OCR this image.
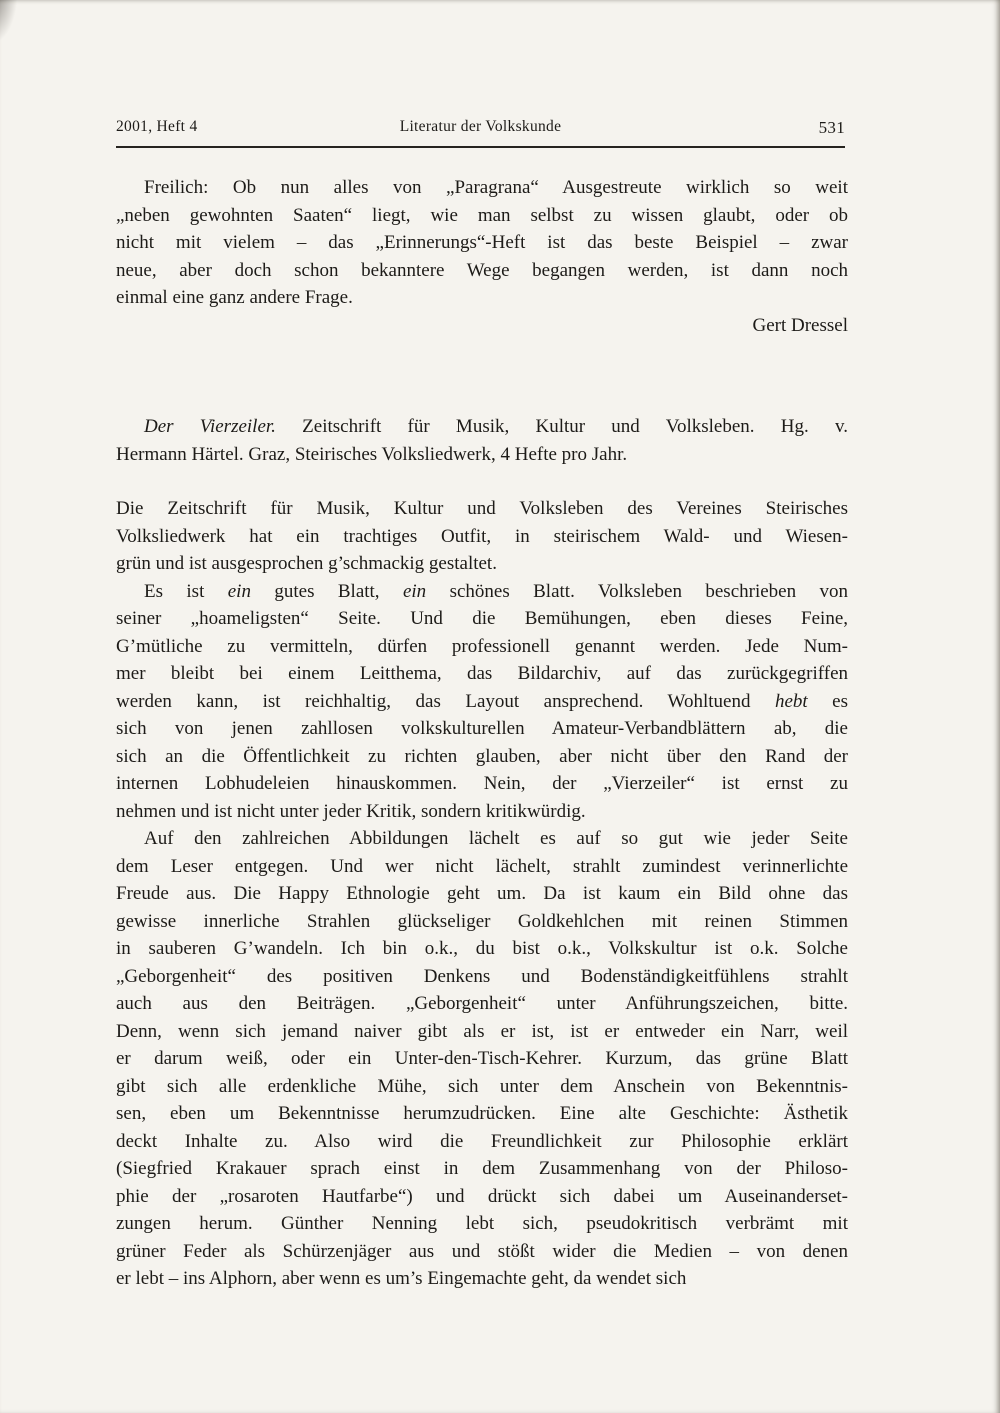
2001, Heft 4	Literatur der Volkskunde	531
Freilich: Ob nun alles von „Paragrana“ Ausgestreute wirklich so weit
„neben gewohnten Saaten“ liegt, wie man selbst zu wissen glaubt, oder ob
nicht mit vielem – das „Erinnerungs“-Heft ist das beste Beispiel – zwar
neue, aber doch schon bekanntere Wege begangen werden, ist dann noch
einmal eine ganz andere Frage.
Gert Dressel
Der Vierzeiler. Zeitschrift für Musik, Kultur und Volksleben. Hg. v.
Hermann Härtel. Graz, Steirisches Volksliedwerk, 4 Hefte pro Jahr.
Die Zeitschrift für Musik, Kultur und Volksleben des Vereines Steirisches
Volksliedwerk hat ein trachtiges Outfit, in steirischem Wald- und Wiesen-
grün und ist ausgesprochen g’schmackig gestaltet.
Es ist ein gutes Blatt, ein schönes Blatt. Volksleben beschrieben von
seiner „hoameligsten“ Seite. Und die Bemühungen, eben dieses Feine,
G’mütliche zu vermitteln, dürfen professionell genannt werden. Jede Num-
mer bleibt bei einem Leitthema, das Bildarchiv, auf das zurückgegriffen
werden kann, ist reichhaltig, das Layout ansprechend. Wohltuend hebt es
sich von jenen zahllosen volkskulturellen Amateur-Verbandblättern ab, die
sich an die Öffentlichkeit zu richten glauben, aber nicht über den Rand der
internen Lobhudeleien hinauskommen. Nein, der „Vierzeiler“ ist ernst zu
nehmen und ist nicht unter jeder Kritik, sondern kritikwürdig.
Auf den zahlreichen Abbildungen lächelt es auf so gut wie jeder Seite
dem Leser entgegen. Und wer nicht lächelt, strahlt zumindest verinnerlichte
Freude aus. Die Happy Ethnologie geht um. Da ist kaum ein Bild ohne das
gewisse innerliche Strahlen glückseliger Goldkehlchen mit reinen Stimmen
in sauberen G’wandeln. Ich bin o.k., du bist o.k., Volkskultur ist o.k. Solche
„Geborgenheit“ des positiven Denkens und Bodenständigkeitfühlens strahlt
auch aus den Beiträgen. „Geborgenheit“ unter Anführungszeichen, bitte.
Denn, wenn sich jemand naiver gibt als er ist, ist er entweder ein Narr, weil
er darum weiß, oder ein Unter-den-Tisch-Kehrer. Kurzum, das grüne Blatt
gibt sich alle erdenkliche Mühe, sich unter dem Anschein von Bekenntnis-
sen, eben um Bekenntnisse herumzudrücken. Eine alte Geschichte: Ästhetik
deckt Inhalte zu. Also wird die Freundlichkeit zur Philosophie erklärt
(Siegfried Krakauer sprach einst in dem Zusammenhang von der Philoso-
phie der „rosaroten Hautfarbe“) und drückt sich dabei um Auseinanderset-
zungen herum. Günther Nenning lebt sich, pseudokritisch verbrämt mit
grüner Feder als Schürzenjäger aus und stößt wider die Medien – von denen
er lebt – ins Alphorn, aber wenn es um’s Eingemachte geht, da wendet sich
